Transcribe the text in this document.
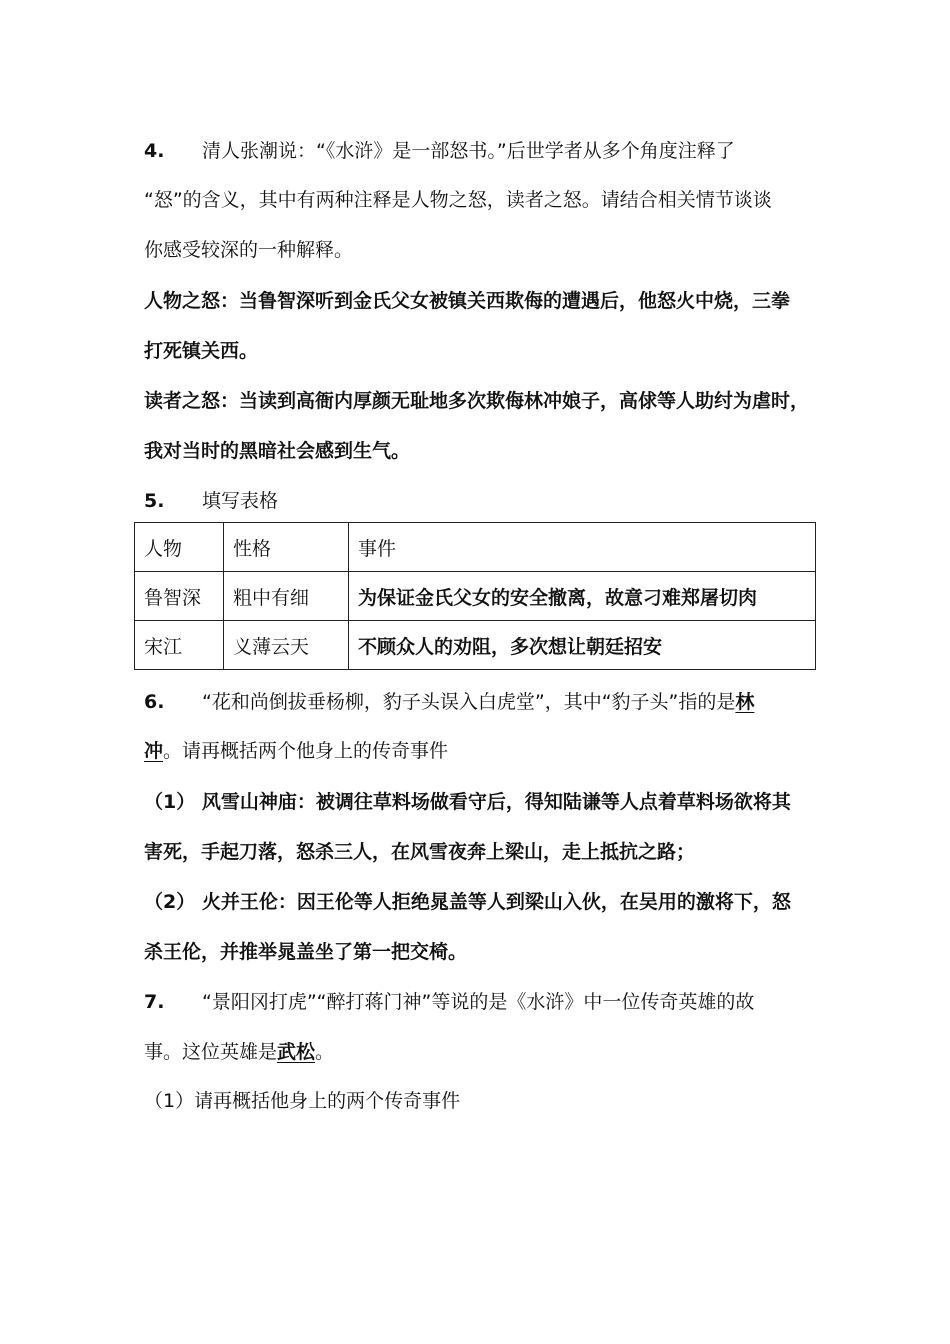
4. 清人张潮说：“《水浒》是一部怒书。”后世学者从多个角度注释了
“怒”的含义，其中有两种注释是人物之怒，读者之怒。请结合相关情节谈谈
你感受较深的一种解释。
人物之怒：当鲁智深听到金氏父女被镇关西欺侮的遭遇后，他怒火中烧，三拳
打死镇关西。
读者之怒：当读到高衙内厚颜无耻地多次欺侮林冲娘子，高俅等人助纣为虐时，
我对当时的黑暗社会感到生气。
5. 填写表格
人物	性格	事件
鲁智深	粗中有细	为保证金氏父女的安全撤离，故意刁难郑屠切肉
宋江	义薄云天	不顾众人的劝阻，多次想让朝廷招安
6. “花和尚倒拔垂杨柳，豹子头误入白虎堂”，其中“豹子头”指的是林
冲。请再概括两个他身上的传奇事件
（1） 风雪山神庙：被调往草料场做看守后，得知陆谦等人点着草料场欲将其
害死，手起刀落，怒杀三人，在风雪夜奔上梁山，走上抵抗之路；
（2） 火并王伦：因王伦等人拒绝晁盖等人到梁山入伙，在吴用的激将下，怒
杀王伦，并推举晁盖坐了第一把交椅。
7. “景阳冈打虎”“醉打蒋门神”等说的是《水浒》中一位传奇英雄的故
事。这位英雄是武松。
（1）请再概括他身上的两个传奇事件
